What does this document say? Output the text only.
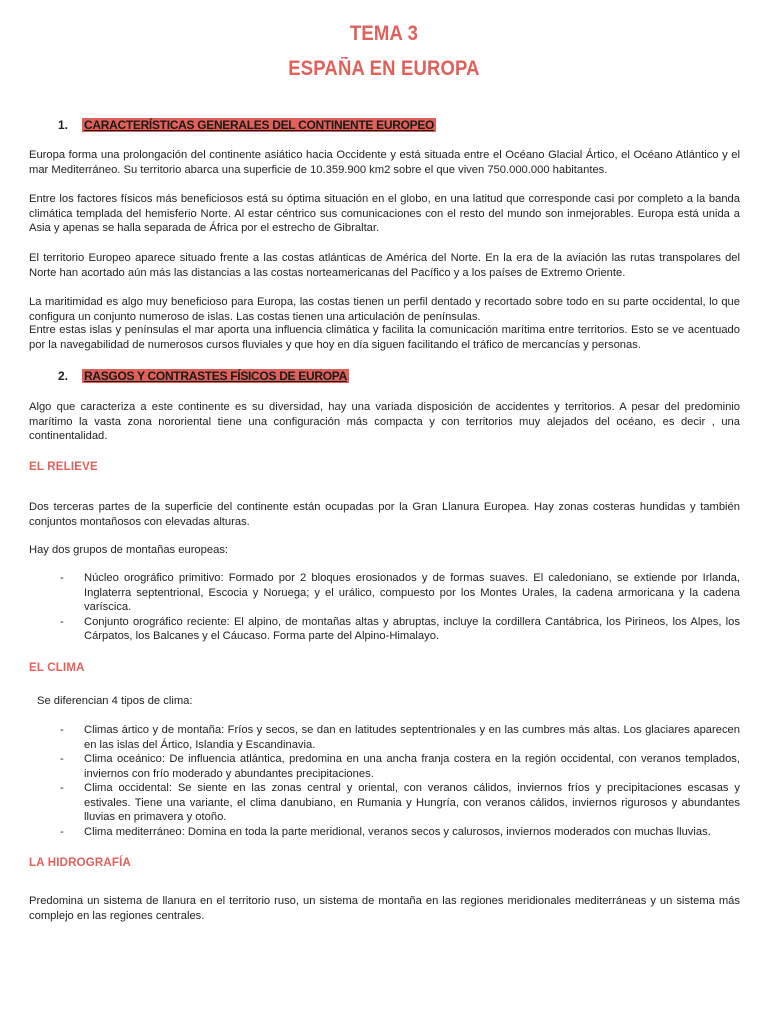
TEMA 3
ESPAÑA EN EUROPA
1. CARACTERÍSTICAS GENERALES DEL CONTINENTE EUROPEO
Europa forma una prolongación del continente asiático hacia Occidente y está situada entre el Océano Glacial Ártico, el Océano Atlántico y el mar Mediterráneo. Su territorio abarca una superficie de 10.359.900 km2 sobre el que viven 750.000.000 habitantes.
Entre los factores físicos más beneficiosos está su óptima situación en el globo, en una latitud que corresponde casi por completo a la banda climática templada del hemisferio Norte. Al estar céntrico sus comunicaciones con el resto del mundo son inmejorables. Europa está unida a Asia y apenas se halla separada de África por el estrecho de Gibraltar.
El territorio Europeo aparece situado frente a las costas atlánticas de América del Norte. En la era de la aviación las rutas transpolares del Norte han acortado aún más las distancias a las costas norteamericanas del Pacífico y a los países de Extremo Oriente.
La maritimidad es algo muy beneficioso para Europa, las costas tienen un perfil dentado y recortado sobre todo en su parte occidental, lo que configura un conjunto numeroso de islas. Las costas tienen una articulación de penínsulas.
Entre estas islas y penínsulas el mar aporta una influencia climática y facilita la comunicación marítima entre territorios. Esto se ve acentuado por la navegabilidad de numerosos cursos fluviales y que hoy en día siguen facilitando el tráfico de mercancías y personas.
2. RASGOS Y CONTRASTES FÍSICOS DE EUROPA
Algo que caracteriza a este continente es su diversidad, hay una variada disposición de accidentes y territorios. A pesar del predominio marítimo la vasta zona nororiental tiene una configuración más compacta y con territorios muy alejados del océano, es decir , una continentalidad.
EL RELIEVE
Dos terceras partes de la superficie del continente están ocupadas por la Gran Llanura Europea. Hay zonas costeras hundidas y también conjuntos montañosos con elevadas alturas.
Hay dos grupos de montañas europeas:
- Núcleo orográfico primitivo: Formado por 2 bloques erosionados y de formas suaves. El caledoniano, se extiende por Irlanda, Inglaterra septentrional, Escocia y Noruega; y el urálico, compuesto por los Montes Urales, la cadena armoricana y la cadena varíscica.
- Conjunto orográfico reciente: El alpino, de montañas altas y abruptas, incluye la cordillera Cantábrica, los Pirineos, los Alpes, los Cárpatos, los Balcanes y el Cáucaso. Forma parte del Alpino-Himalayo.
EL CLIMA
Se diferencian 4 tipos de clima:
- Climas ártico y de montaña: Fríos y secos, se dan en latitudes septentrionales y en las cumbres más altas. Los glaciares aparecen en las islas del Ártico, Islandia y Escandinavia.
- Clima oceánico: De influencia atlántica, predomina en una ancha franja costera en la región occidental, con veranos templados, inviernos con frío moderado y abundantes precipitaciones.
- Clima occidental: Se siente en las zonas central y oriental, con veranos cálidos, inviernos fríos y precipitaciones escasas y estivales. Tiene una variante, el clima danubiano, en Rumania y Hungría, con veranos cálidos, inviernos rigurosos y abundantes lluvias en primavera y otoño.
- Clima mediterráneo: Domina en toda la parte meridional, veranos secos y calurosos, inviernos moderados con muchas lluvias.
LA HIDROGRAFÍA
Predomina un sistema de llanura en el territorio ruso, un sistema de montaña en las regiones meridionales mediterráneas y un sistema más complejo en las regiones centrales.
